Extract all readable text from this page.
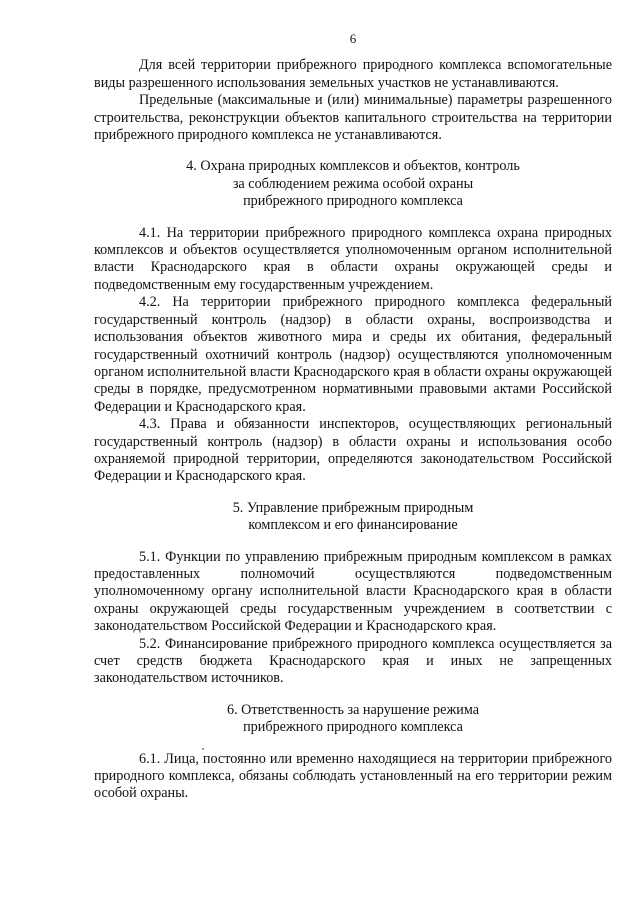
6

Для всей территории прибрежного природного комплекса вспомогательные виды разрешенного использования земельных участков не устанавливаются.

Предельные (максимальные и (или) минимальные) параметры разрешенного строительства, реконструкции объектов капитального строительства на территории прибрежного природного комплекса не устанавливаются.

4. Охрана природных комплексов и объектов, контроль
за соблюдением режима особой охраны
прибрежного природного комплекса

4.1. На территории прибрежного природного комплекса охрана природных комплексов и объектов осуществляется уполномоченным органом исполнительной власти Краснодарского края в области охраны окружающей среды и подведомственным ему государственным учреждением.

4.2. На территории прибрежного природного комплекса федеральный государственный контроль (надзор) в области охраны, воспроизводства и использования объектов животного мира и среды их обитания, федеральный государственный охотничий контроль (надзор) осуществляются уполномоченным органом исполнительной власти Краснодарского края в области охраны окружающей среды в порядке, предусмотренном нормативными правовыми актами Российской Федерации и Краснодарского края.

4.3. Права и обязанности инспекторов, осуществляющих региональный государственный контроль (надзор) в области охраны и использования особо охраняемой природной территории, определяются законодательством Российской Федерации и Краснодарского края.

5. Управление прибрежным природным
комплексом и его финансирование

5.1. Функции по управлению прибрежным природным комплексом в рамках предоставленных полномочий осуществляются подведомственным уполномоченному органу исполнительной власти Краснодарского края в области охраны окружающей среды государственным учреждением в соответствии с законодательством Российской Федерации и Краснодарского края.

5.2. Финансирование прибрежного природного комплекса осуществляется за счет средств бюджета Краснодарского края и иных не запрещенных законодательством источников.

6. Ответственность за нарушение режима
прибрежного природного комплекса

6.1. Лица, постоянно или временно находящиеся на территории прибрежного природного комплекса, обязаны соблюдать установленный на его территории режим особой охраны.
